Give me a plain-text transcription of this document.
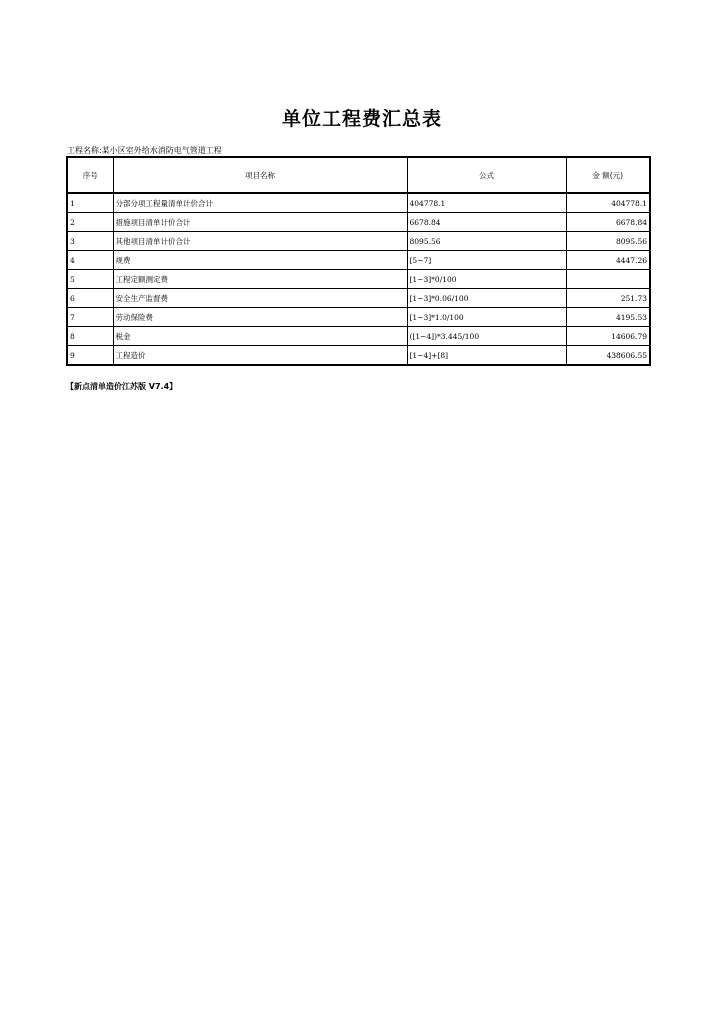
单位工程费汇总表
工程名称:某小区室外给水消防电气管道工程
序号	项目名称	公式	金 额(元)
1	分部分项工程量清单计价合计	404778.1	404778.1
2	措施项目清单计价合计	6678.84	6678.84
3	其他项目清单计价合计	8095.56	8095.56
4	规费	[5~7]	4447.26
5	工程定额测定费	[1~3]*0/100	
6	安全生产监督费	[1~3]*0.06/100	251.73
7	劳动保险费	[1~3]*1.0/100	4195.53
8	税金	([1~4])*3.445/100	14606.79
9	工程造价	[1~4]+[8]	438606.55
【新点清单造价江苏版 V7.4】
